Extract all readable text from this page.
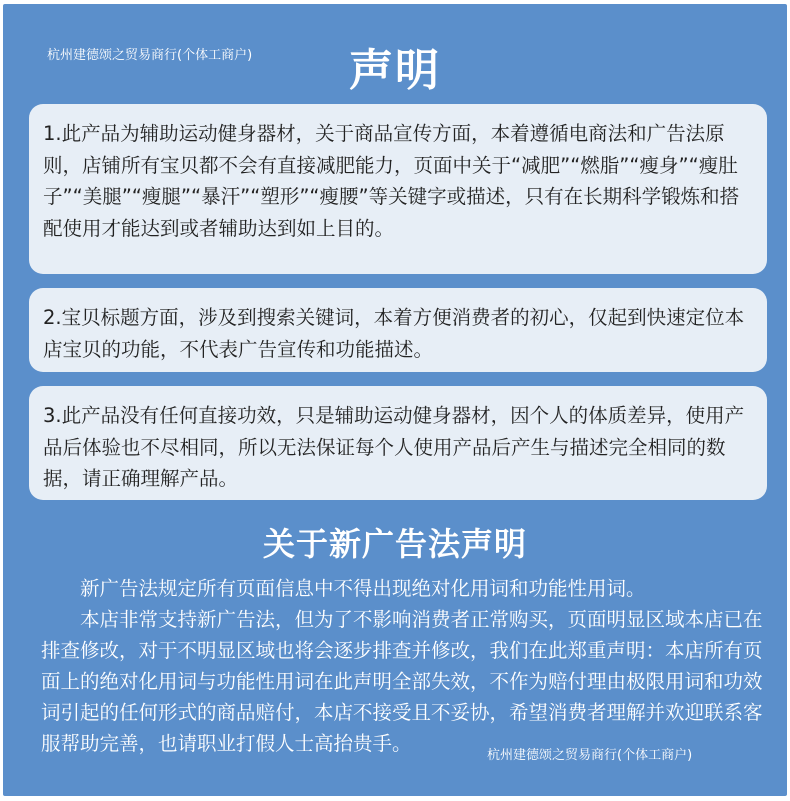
杭州建德颂之贸易商行(个体工商户)	声明
1.此产品为辅助运动健身器材，关于商品宣传方面，本着遵循电商法和广告法原则，店铺所有宝贝都不会有直接减肥能力，页面中关于“减肥”“燃脂”“瘦身”“瘦肚子”“美腿”“瘦腿”“暴汗”“塑形”“瘦腰”等关键字或描述，只有在长期科学锻炼和搭配使用才能达到或者辅助达到如上目的。
2.宝贝标题方面，涉及到搜索关键词，本着方便消费者的初心，仅起到快速定位本店宝贝的功能，不代表广告宣传和功能描述。
3.此产品没有任何直接功效，只是辅助运动健身器材，因个人的体质差异，使用产品后体验也不尽相同，所以无法保证每个人使用产品后产生与描述完全相同的数据，请正确理解产品。
关于新广告法声明
新广告法规定所有页面信息中不得出现绝对化用词和功能性用词。
本店非常支持新广告法，但为了不影响消费者正常购买，页面明显区域本店已在排查修改，对于不明显区域也将会逐步排查并修改，我们在此郑重声明：本店所有页面上的绝对化用词与功能性用词在此声明全部失效，不作为赔付理由极限用词和功效词引起的任何形式的商品赔付，本店不接受且不妥协，希望消费者理解并欢迎联系客服帮助完善，也请职业打假人士高抬贵手。
杭州建德颂之贸易商行(个体工商户)
